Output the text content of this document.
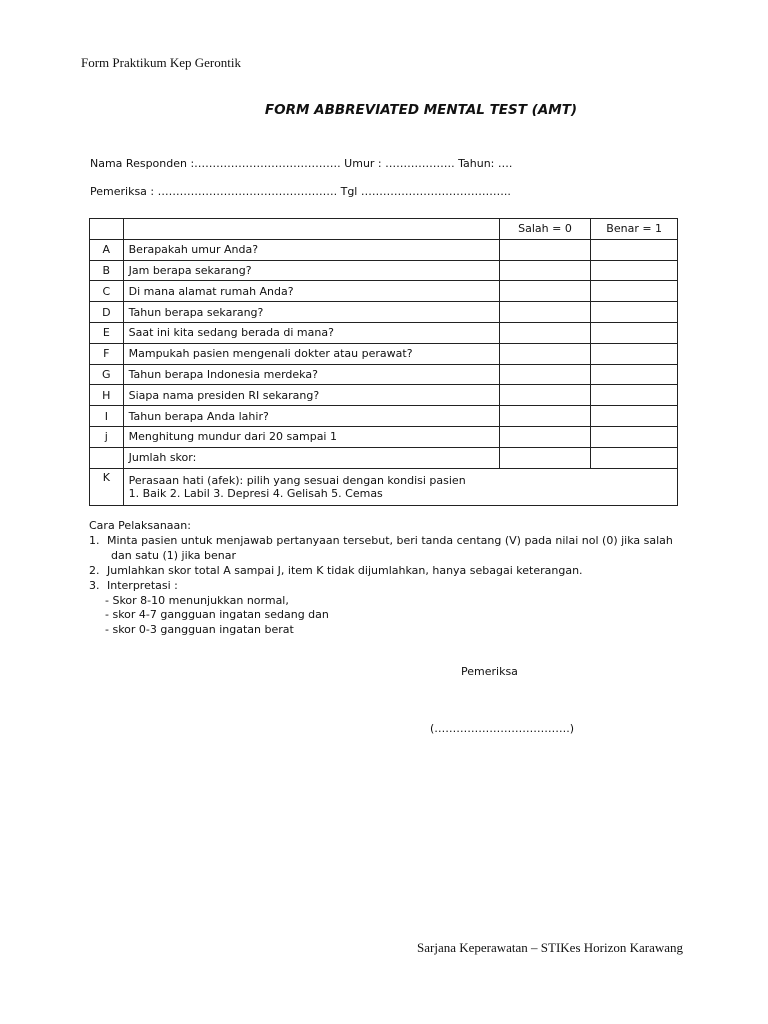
Form Praktikum Kep Gerontik
FORM ABBREVIATED MENTAL TEST (AMT)
Nama Responden :…………………………………. Umur : ………………. Tahun: ….
Pemeriksa : …………………………………………. Tgl …………………………………..
		Salah = 0	Benar = 1
A	Berapakah umur Anda?		
B	Jam berapa sekarang?		
C	Di mana alamat rumah Anda?		
D	Tahun berapa sekarang?		
E	Saat ini kita sedang berada di mana?		
F	Mampukah pasien mengenali dokter atau perawat?		
G	Tahun berapa Indonesia merdeka?		
H	Siapa nama presiden RI sekarang?		
I	Tahun berapa Anda lahir?		
j	Menghitung mundur dari 20 sampai 1		
	Jumlah skor:		
K	Perasaan hati (afek): pilih yang sesuai dengan kondisi pasien
1. Baik 2. Labil 3. Depresi 4. Gelisah 5. Cemas		
Cara Pelaksanaan:
1. Minta pasien untuk menjawab pertanyaan tersebut, beri tanda centang (V) pada nilai nol (0) jika salah
dan satu (1) jika benar
2. Jumlahkan skor total A sampai J, item K tidak dijumlahkan, hanya sebagai keterangan.
3. Interpretasi :
- Skor 8-10 menunjukkan normal,
- skor 4-7 gangguan ingatan sedang dan
- skor 0-3 gangguan ingatan berat
Pemeriksa
(……………………………….)
Sarjana Keperawatan – STIKes Horizon Karawang
